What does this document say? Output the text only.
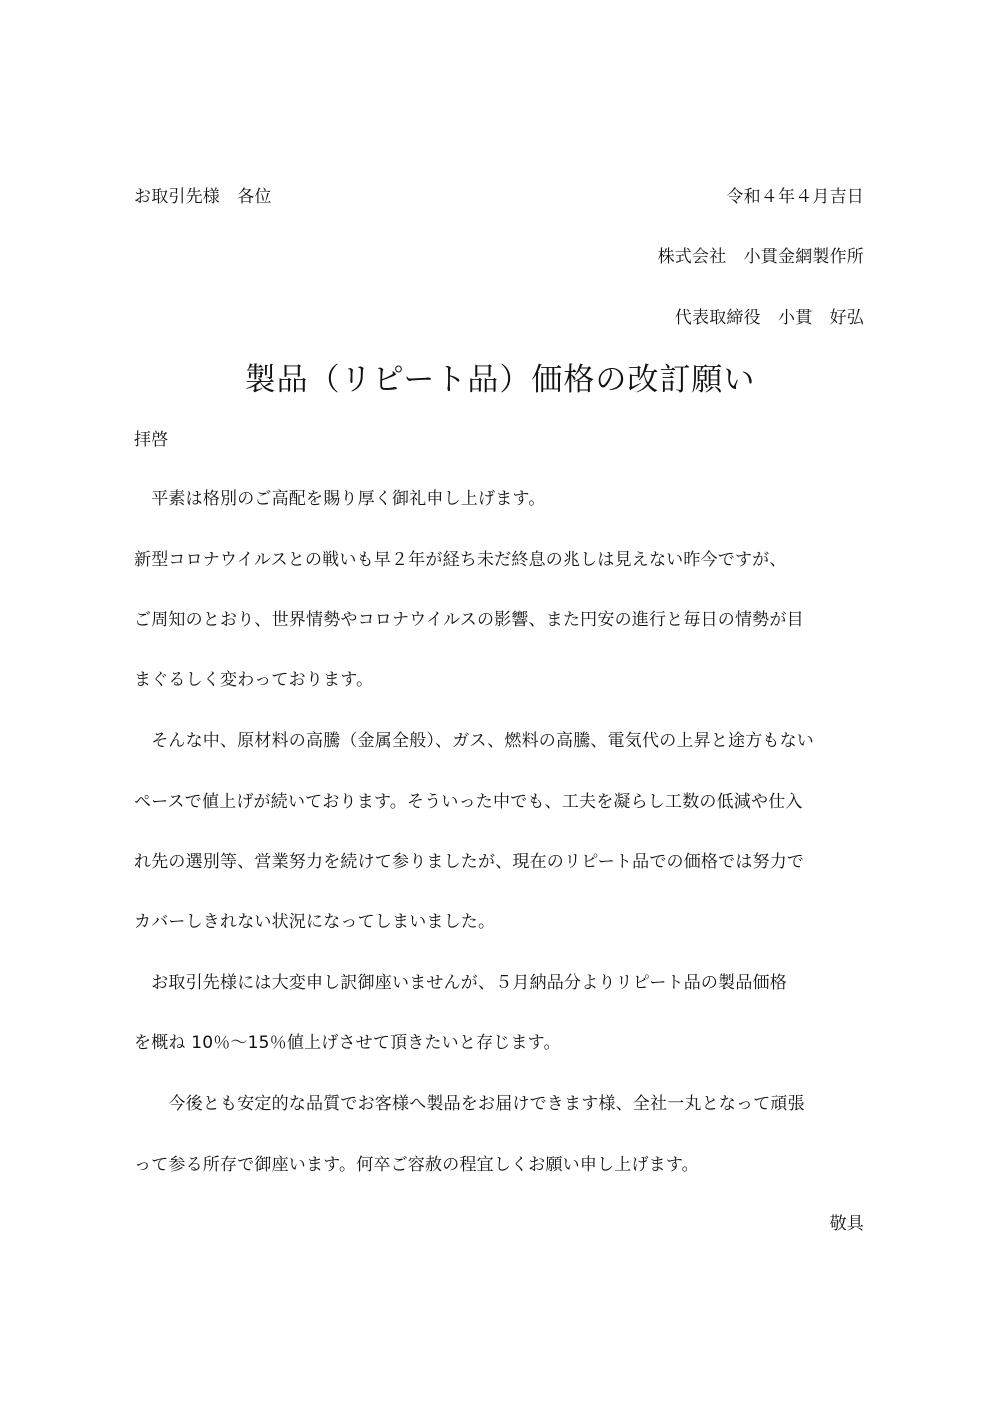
お取引先様　各位	令和４年４月吉日
株式会社　小貫金網製作所
代表取締役　小貫　好弘
製品（リピート品）価格の改訂願い
拝啓
　平素は格別のご高配を賜り厚く御礼申し上げます。
新型コロナウイルスとの戦いも早２年が経ち未だ終息の兆しは見えない昨今ですが、
ご周知のとおり、世界情勢やコロナウイルスの影響、また円安の進行と毎日の情勢が目
まぐるしく変わっております。
　そんな中、原材料の高騰（金属全般）、ガス、燃料の高騰、電気代の上昇と途方もない
ペースで値上げが続いております。そういった中でも、工夫を凝らし工数の低減や仕入
れ先の選別等、営業努力を続けて参りましたが、現在のリピート品での価格では努力で
カバーしきれない状況になってしまいました。
　お取引先様には大変申し訳御座いませんが、５月納品分よりリピート品の製品価格
を概ね 10％～15％値上げさせて頂きたいと存じます。
　　今後とも安定的な品質でお客様へ製品をお届けできます様、全社一丸となって頑張
って参る所存で御座います。何卒ご容赦の程宜しくお願い申し上げます。
敬具
